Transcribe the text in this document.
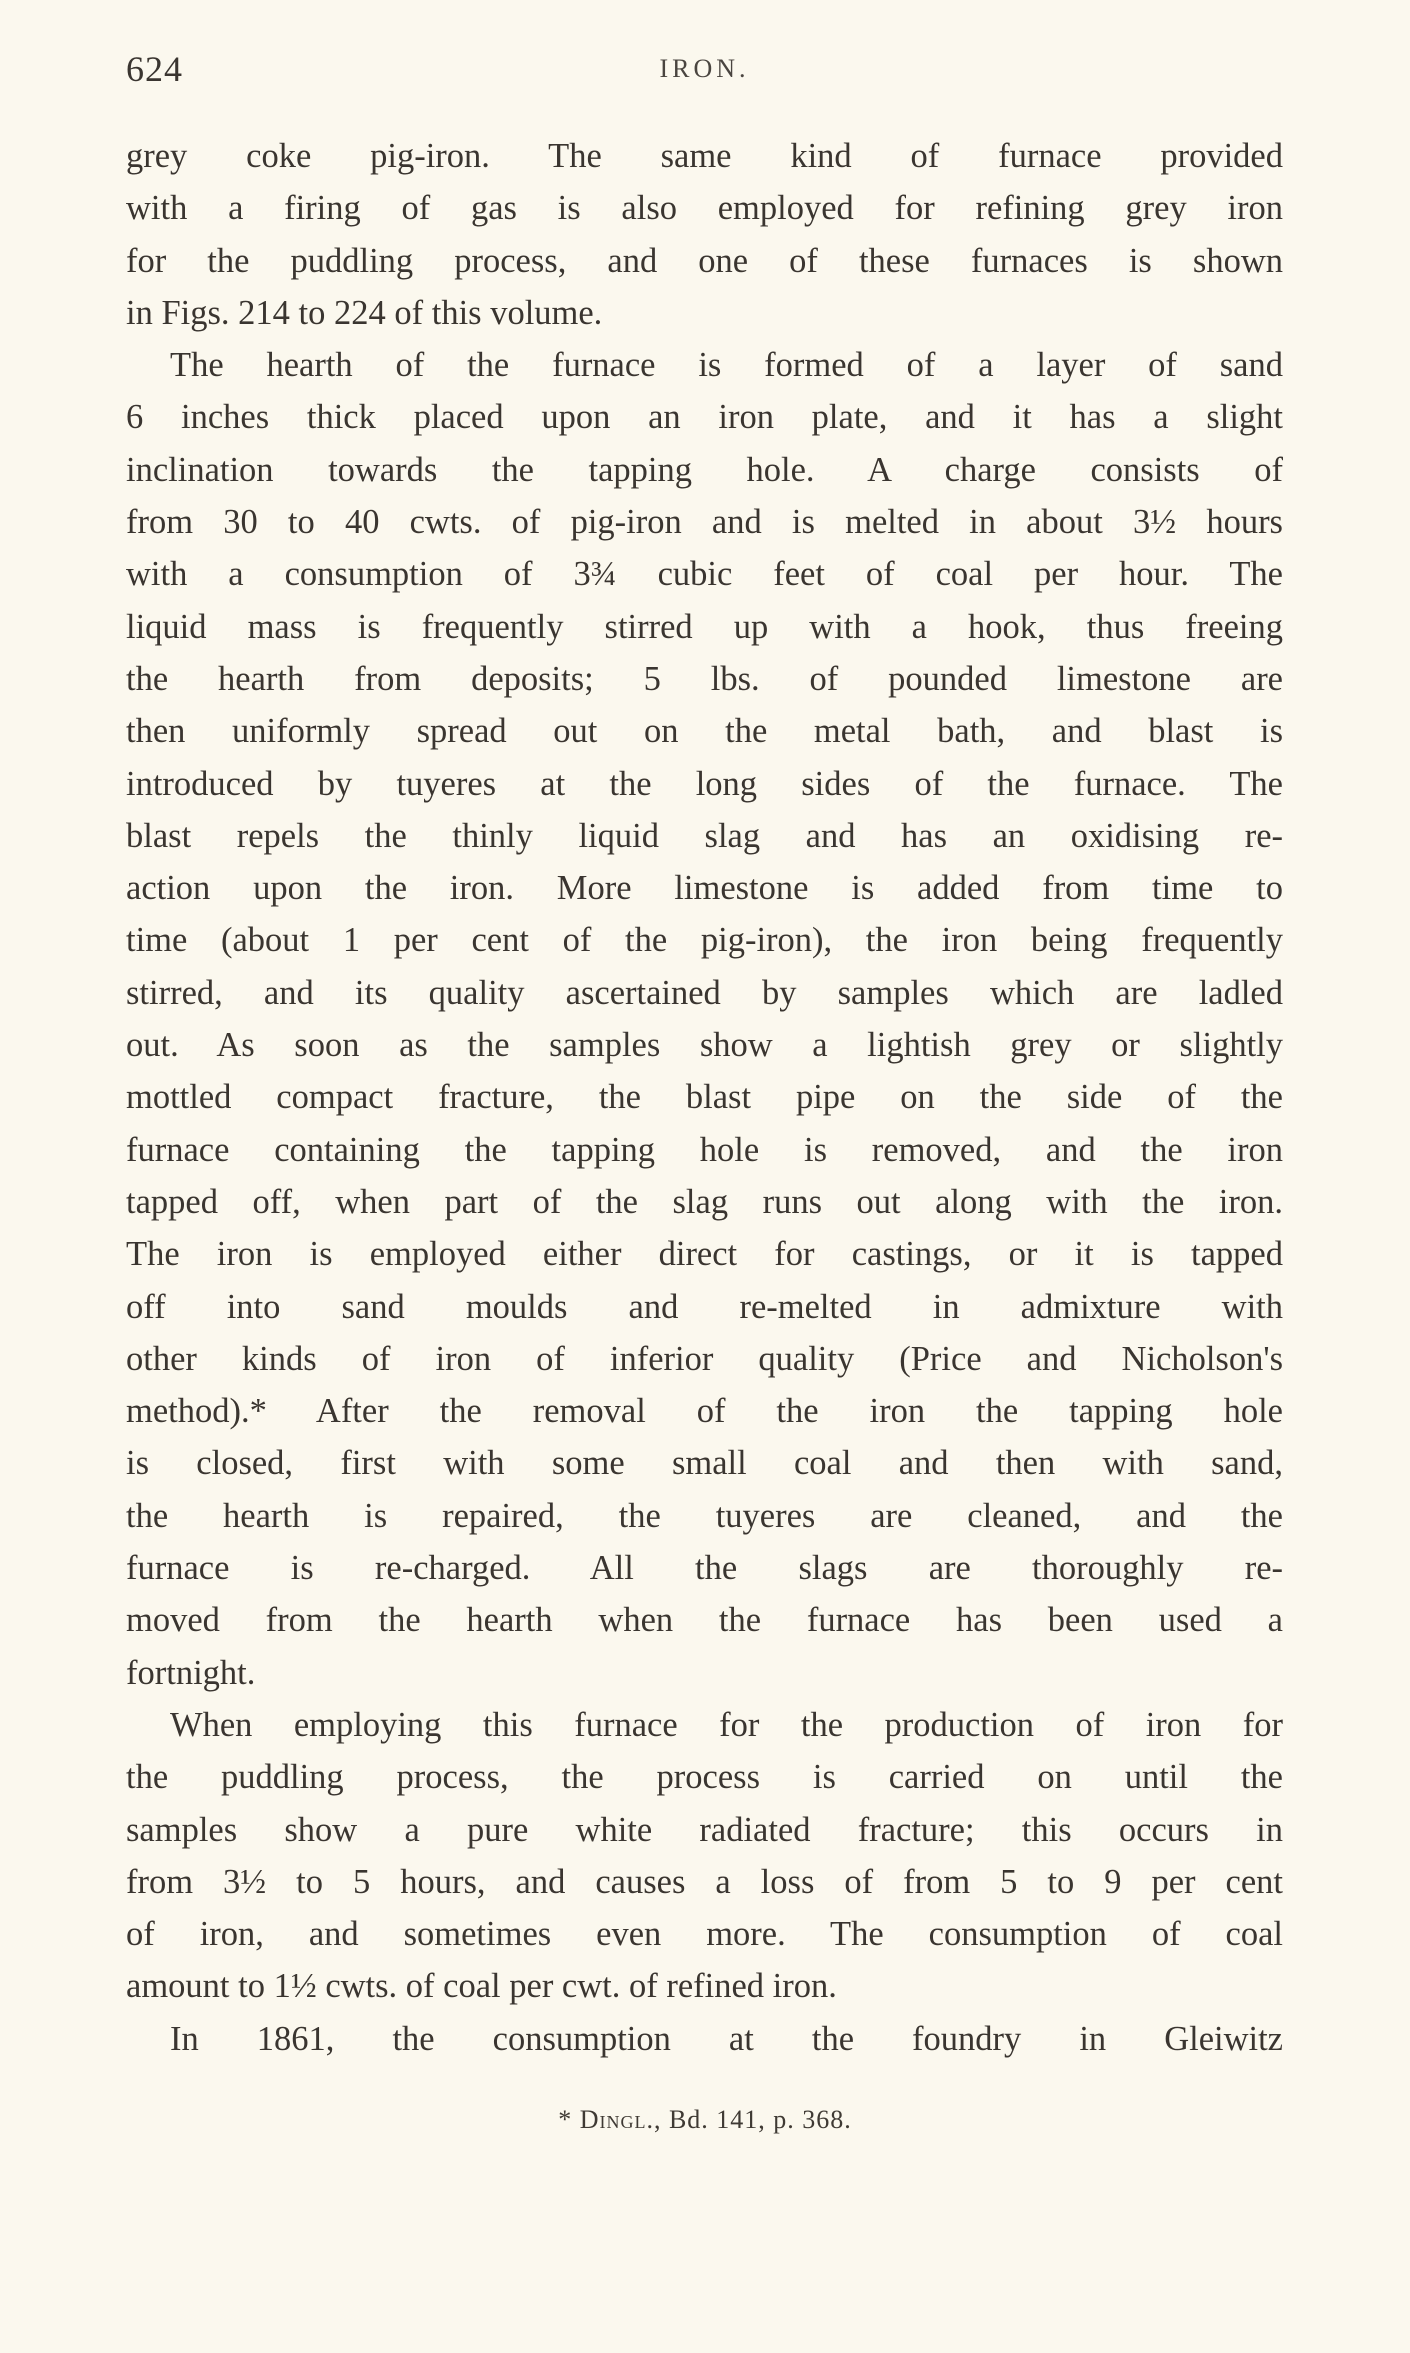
624	IRON.
grey coke pig-iron. The same kind of furnace provided
with a firing of gas is also employed for refining grey iron
for the puddling process, and one of these furnaces is shown
in Figs. 214 to 224 of this volume.
The hearth of the furnace is formed of a layer of sand
6 inches thick placed upon an iron plate, and it has a slight
inclination towards the tapping hole. A charge consists of
from 30 to 40 cwts. of pig-iron and is melted in about 3½ hours
with a consumption of 3¾ cubic feet of coal per hour. The
liquid mass is frequently stirred up with a hook, thus freeing
the hearth from deposits; 5 lbs. of pounded limestone are
then uniformly spread out on the metal bath, and blast is
introduced by tuyeres at the long sides of the furnace. The
blast repels the thinly liquid slag and has an oxidising re-
action upon the iron. More limestone is added from time to
time (about 1 per cent of the pig-iron), the iron being frequently
stirred, and its quality ascertained by samples which are ladled
out. As soon as the samples show a lightish grey or slightly
mottled compact fracture, the blast pipe on the side of the
furnace containing the tapping hole is removed, and the iron
tapped off, when part of the slag runs out along with the iron.
The iron is employed either direct for castings, or it is tapped
off into sand moulds and re-melted in admixture with
other kinds of iron of inferior quality (Price and Nicholson's
method).* After the removal of the iron the tapping hole
is closed, first with some small coal and then with sand,
the hearth is repaired, the tuyeres are cleaned, and the
furnace is re-charged. All the slags are thoroughly re-
moved from the hearth when the furnace has been used a
fortnight.
When employing this furnace for the production of iron for
the puddling process, the process is carried on until the
samples show a pure white radiated fracture; this occurs in
from 3½ to 5 hours, and causes a loss of from 5 to 9 per cent
of iron, and sometimes even more. The consumption of coal
amount to 1½ cwts. of coal per cwt. of refined iron.
In 1861, the consumption at the foundry in Gleiwitz
* Dingl., Bd. 141, p. 368.
